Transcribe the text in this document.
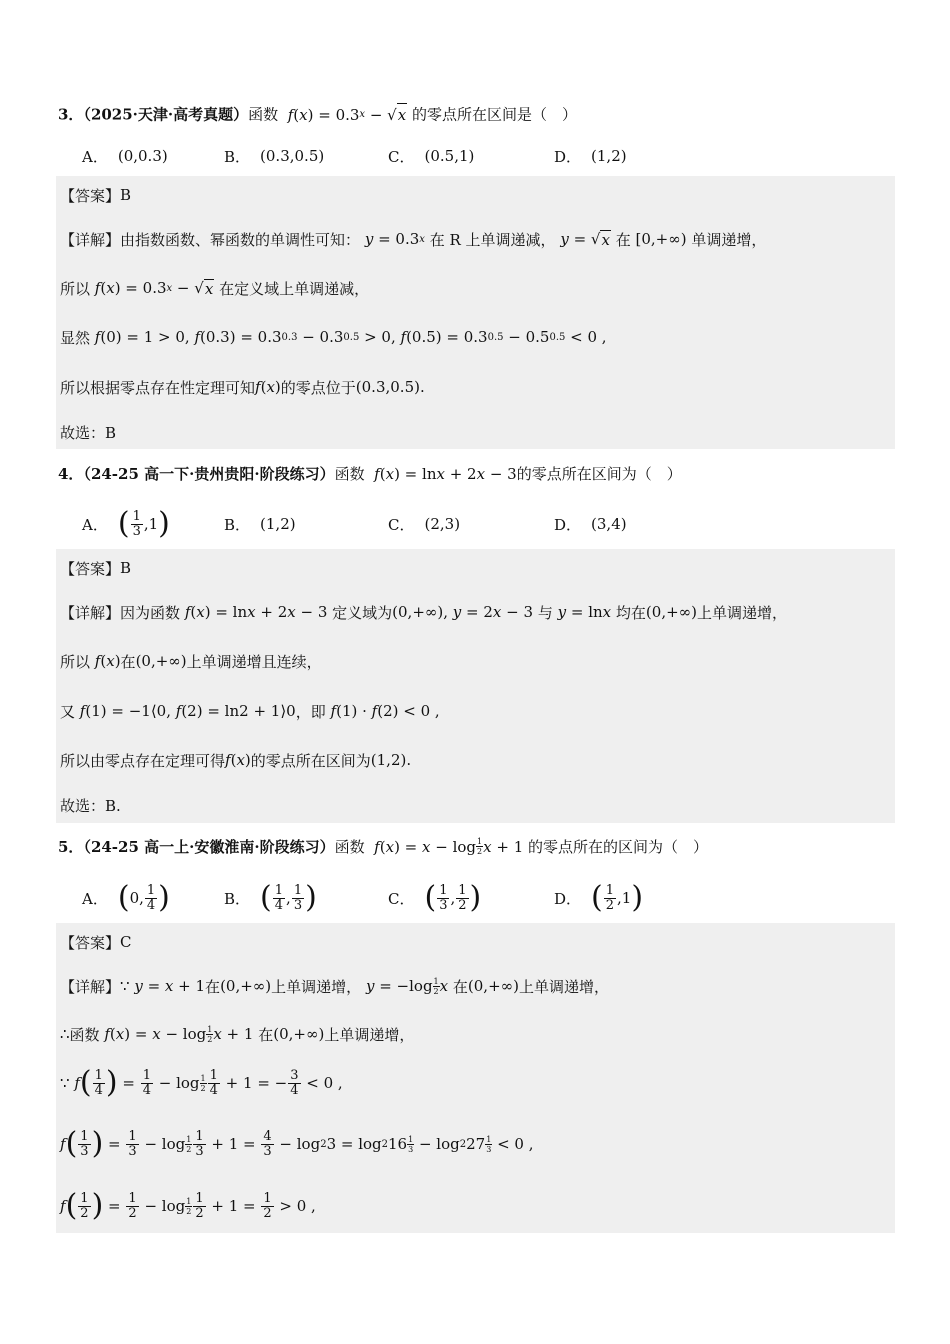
3．（2025·天津·高考真题）函数 f ( x ) = 0.3 x − √ x 的零点所在区间是（　）
A． (0,0.3)	B． (0.3,0.5)	C． (0.5,1)	D． (1,2)
【答案】 B
【详解】 由指数函数、幂函数的单调性可知：
y = 0.3 x
在 R 上单调递减，
y = √ x
在 [0,+∞) 单调递增，
所以
f ( x ) = 0.3 x − √ x
在定义域上单调递减，
显然
f (0) = 1 > 0, f (0.3) = 0.3 0.3 − 0.3 0.5 > 0, f (0.5) = 0.3 0.5 − 0.5 0.5 < 0 ,
所以根据零点存在性定理可知 f ( x ) 的零点位于 (0.3,0.5).
故选：B
4．（24-25 高一下·贵州贵阳·阶段练习）函数 f ( x ) = ln x + 2 x − 3的零点所在区间为（　）
A． ( $\frac{1}{3} ,1$ )	B． (1,2)	C． (2,3)	D． (3,4)
【答案】 B
【详解】 因为函数
f ( x ) = ln x + 2 x − 3 定义域为 (0,+∞), y = 2 x − 3 与
y = ln x
均在 (0,+∞) 上单调递增，
所以
f ( x ) 在 (0,+∞) 上单调递增且连续，
又
f (1) = −1⟨0, f (2) = ln2 + 1⟩0 ，即
f (1) · f (2) < 0 ,
所以由零点存在定理可得 f ( x ) 的零点所在区间为 (1,2).
故选：B.
5．（24-25 高一上·安徽淮南·阶段练习）函数 f ( x ) = $x - \log \frac{1}{2}$ x + 1 的零点所在的区间为（　）
A． ( 0, $\frac{1}{4}$ )	B． ( $\frac{1}{4}$ , $\frac{1}{3}$ )	C． ( $\frac{1}{3}$ , $\frac{1}{2}$ )	D． ( $\frac{1}{2} ,1$ )
【答案】 C
【详解】 ∵ y = x + 1 在 (0,+∞) 上单调递增，
$y = -\log \frac{1}{2}$ x
在 (0,+∞) 上单调递增，
∴ 函数
f ( x ) = $x - \log \frac{1}{2}$ x + 1 在 (0,+∞) 上单调递增，
∵ f ( $\frac{1}{4}$ ) = $\frac{1}{4} - \log \frac{1}{2} \frac{1}{4} + 1$ = − $\frac{3}{4} < 0$ ,
f ( $\frac{1}{3}$ ) = $\frac{1}{3} - \log \frac{1}{2} \frac{1}{3} + 1 = \frac{4}{3} - \log 2$ 3 = log 2 $16 \frac{1}{3} - \log 2$ $27 \frac{1}{3} < 0$ ,
f ( $\frac{1}{2}$ ) = $\frac{1}{2} - \log \frac{1}{2} \frac{1}{2} + 1 = \frac{1}{2} > 0$ ,
